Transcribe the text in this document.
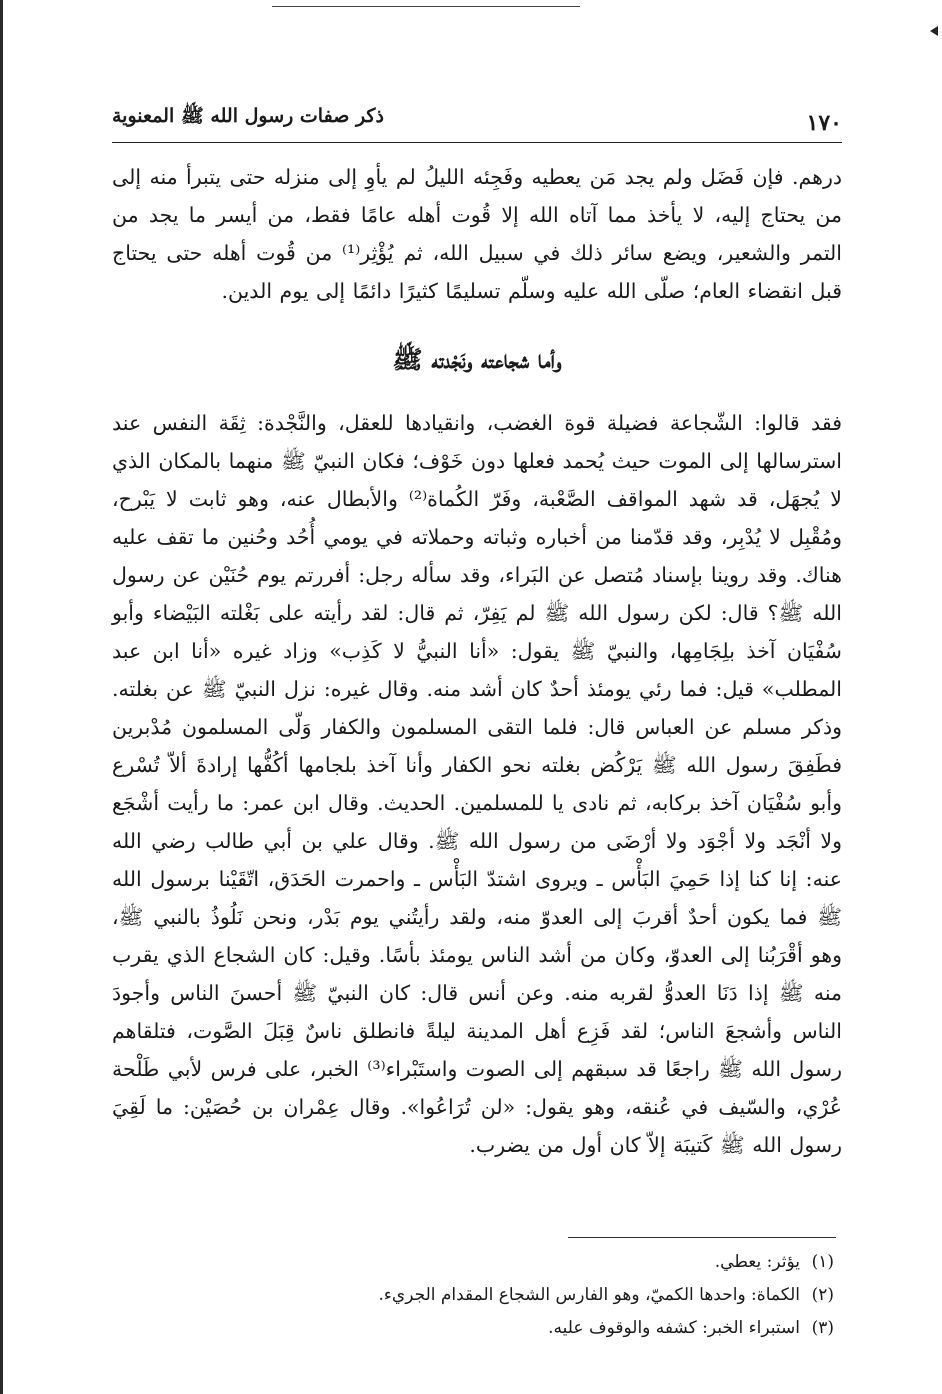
١٧٠
ذكر صفات رسول الله ﷺ المعنوية

درهم. فإن فَضَل ولم يجد مَن يعطيه وفَجِئه الليلُ لم يأوِ إلى منزله حتى يتبرأ منه إلى من يحتاج إليه، لا يأخذ مما آتاه الله إلا قُوت أهله عامًا فقط، من أيسر ما يجد من التمر والشعير، ويضع سائر ذلك في سبيل الله، ثم يُؤْثِر⁽¹⁾ من قُوت أهله حتى يحتاج قبل انقضاء العام؛ صلّى الله عليه وسلّم تسليمًا كثيرًا دائمًا إلى يوم الدين.

وأما شجاعته ونَجْدته ﷺ

فقد قالوا: الشّجاعة فضيلة قوة الغضب، وانقيادها للعقل، والنَّجْدة: ثِقَة النفس عند استرسالها إلى الموت حيث يُحمد فعلها دون خَوْف؛ فكان النبيّ ﷺ منهما بالمكان الذي لا يُجهَل، قد شهد المواقف الصَّعْبة، وفَرّ الكُماة⁽²⁾ والأبطال عنه، وهو ثابت لا يَبْرح، ومُقْبِل لا يُدْبِر، وقد قدّمنا من أخباره وثباته وحملاته في يومي أُحُد وحُنين ما تقف عليه هناك. وقد روينا بإسناد مُتصل عن البَراء، وقد سأله رجل: أفررتم يوم حُنَيْن عن رسول الله ﷺ؟ قال: لكن رسول الله ﷺ لم يَفِرّ، ثم قال: لقد رأيته على بَغْلته البَيْضاء وأبو سُفْيَان آخذ بلِجَامِها، والنبيّ ﷺ يقول: «أنا النبيُّ لا كَذِب» وزاد غيره «أنا ابن عبد المطلب» قيل: فما رئي يومئذ أحدٌ كان أشد منه. وقال غيره: نزل النبيّ ﷺ عن بغلته. وذكر مسلم عن العباس قال: فلما التقى المسلمون والكفار وَلّى المسلمون مُدْبرين فطَفِقَ رسول الله ﷺ يَرْكُض بغلته نحو الكفار وأنا آخذ بلجامها أكُفُّها إرادةَ ألاّ تُسْرع وأبو سُفْيَان آخذ بركابه، ثم نادى يا للمسلمين. الحديث. وقال ابن عمر: ما رأيت أشْجَع ولا أنْجَد ولا أجْوَد ولا أرْضَى من رسول الله ﷺ. وقال علي بن أبي طالب رضي الله عنه: إنا كنا إذا حَمِيَ البَأْس ـ ويروى اشتدّ البَأْس ـ واحمرت الحَدَق، اتّقَيْنا برسول الله ﷺ فما يكون أحدٌ أقربَ إلى العدوّ منه، ولقد رأيتُني يوم بَدْر، ونحن نَلُوذُ بالنبي ﷺ، وهو أقْرَبُنا إلى العدوّ، وكان من أشد الناس يومئذ بأسًا. وقيل: كان الشجاع الذي يقرب منه ﷺ إذا دَنَا العدوُّ لقربه منه. وعن أنس قال: كان النبيّ ﷺ أحسنَ الناس وأجودَ الناس وأشجعَ الناس؛ لقد فَزِع أهل المدينة ليلةً فانطلق ناسٌ قِبَلَ الصَّوت، فتلقاهم رسول الله ﷺ راجعًا قد سبقهم إلى الصوت واستَبْراء⁽³⁾ الخبر، على فرس لأبي طَلْحة عُرْي، والسّيف في عُنقه، وهو يقول: «لن تُرَاعُوا». وقال عِمْران بن حُصَيْن: ما لَقِيَ رسول الله ﷺ كَتيبَة إلاّ كان أول من يضرب.

(١)
يؤثر: يعطي.
(٢)
الكماة: واحدها الكميّ، وهو الفارس الشجاع المقدام الجريء.
(٣)
استبراء الخبر: كشفه والوقوف عليه.
